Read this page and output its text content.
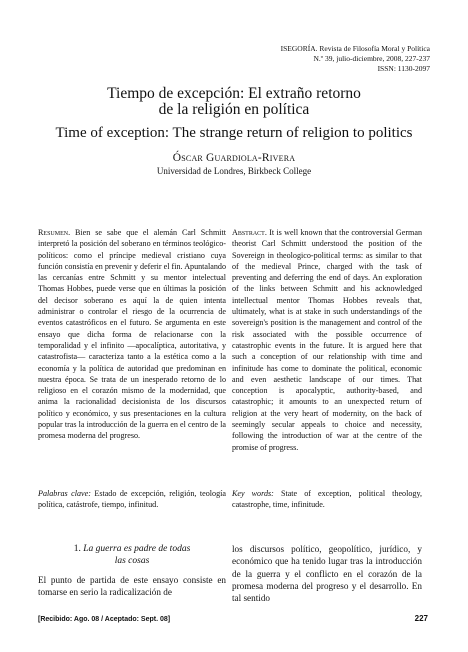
ISEGORÍA. Revista de Filosofía Moral y Política
N.º 39, julio-diciembre, 2008, 227-237
ISSN: 1130-2097
Tiempo de excepción: El extraño retorno
de la religión en política
Time of exception: The strange return of religion to politics
Óscar Guardiola-Rivera
Universidad de Londres, Birkbeck College
Resumen. Bien se sabe que el alemán Carl Schmitt interpretó la posición del soberano en términos teológico-políticos: como el príncipe medieval cristiano cuya función consistía en prevenir y deferir el fin. Apuntalando las cercanías entre Schmitt y su mentor intelectual Thomas Hobbes, puede verse que en últimas la posición del decisor soberano es aquí la de quien intenta administrar o controlar el riesgo de la ocurrencia de eventos catastróficos en el futuro. Se argumenta en este ensayo que dicha forma de relacionarse con la temporalidad y el infinito —apocalíptica, autoritativa, y catastrofista— caracteriza tanto a la estética como a la economía y la política de autoridad que predominan en nuestra época. Se trata de un inesperado retorno de lo religioso en el corazón mismo de la modernidad, que anima la racionalidad decisionista de los discursos político y económico, y sus presentaciones en la cultura popular tras la introducción de la guerra en el centro de la promesa moderna del progreso.
Abstract. It is well known that the controversial German theorist Carl Schmitt understood the position of the Sovereign in theologico-political terms: as similar to that of the medieval Prince, charged with the task of preventing and deferring the end of days. An exploration of the links between Schmitt and his acknowledged intellectual mentor Thomas Hobbes reveals that, ultimately, what is at stake in such understandings of the sovereign's position is the management and control of the risk associated with the possible occurrence of catastrophic events in the future. It is argued here that such a conception of our relationship with time and infinitude has come to dominate the political, economic and even aesthetic landscape of our times. That conception is apocalyptic, authority-based, and catastrophic; it amounts to an unexpected return of religion at the very heart of modernity, on the back of seemingly secular appeals to choice and necessity, following the introduction of war at the centre of the promise of progress.
Palabras clave: Estado de excepción, religión, teología política, catástrofe, tiempo, infinitud.
Key words: State of exception, political theology, catastrophe, time, infinitude.
1. La guerra es padre de todas
las cosas
El punto de partida de este ensayo consiste en tomarse en serio la radicalización de
los discursos político, geopolítico, jurídico, y económico que ha tenido lugar tras la introducción de la guerra y el conflicto en el corazón de la promesa moderna del progreso y el desarrollo. En tal sentido
[Recibido: Ago. 08 / Aceptado: Sept. 08]	227
